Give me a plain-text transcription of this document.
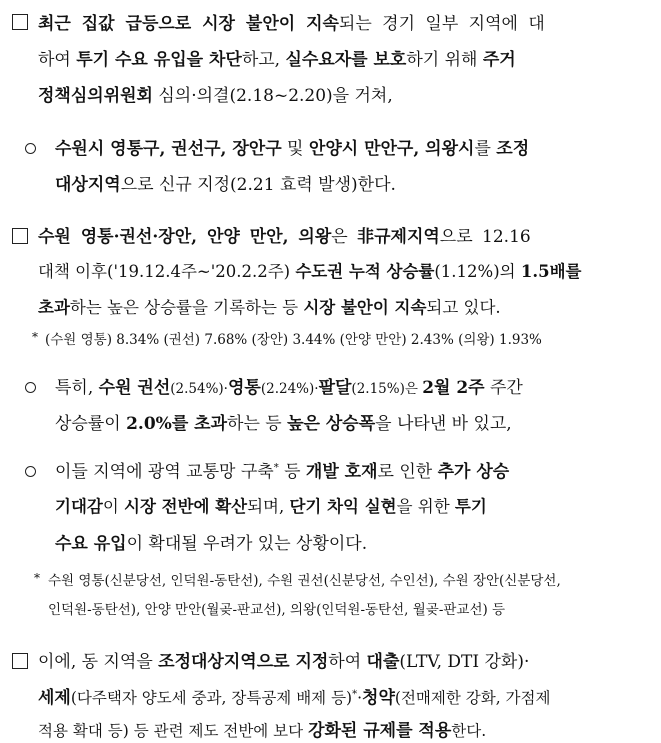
최근 집값 급등으로 시장 불안이 지속되는 경기 일부 지역에 대
하여 투기 수요 유입을 차단하고, 실수요자를 보호하기 위해 주거
정책심의위원회 심의·의결(2.18~2.20)을 거쳐,
수원시 영통구, 권선구, 장안구 및 안양시 만안구, 의왕시를 조정
대상지역으로 신규 지정(2.21 효력 발생)한다.
수원 영통·권선·장안, 안양 만안, 의왕은 非규제지역으로 12.16
대책 이후('19.12.4주~'20.2.2주) 수도권 누적 상승률(1.12%)의 1.5배를
초과하는 높은 상승률을 기록하는 등 시장 불안이 지속되고 있다.
* (수원 영통) 8.34% (권선) 7.68% (장안) 3.44% (안양 만안) 2.43% (의왕) 1.93%
특히, 수원 권선(2.54%)·영통(2.24%)·팔달(2.15%)은 2월 2주 주간
상승률이 2.0%를 초과하는 등 높은 상승폭을 나타낸 바 있고,
이들 지역에 광역 교통망 구축* 등 개발 호재로 인한 추가 상승
기대감이 시장 전반에 확산되며, 단기 차익 실현을 위한 투기
수요 유입이 확대될 우려가 있는 상황이다.
* 수원 영통(신분당선, 인덕원-동탄선), 수원 권선(신분당선, 수인선), 수원 장안(신분당선,
인덕원-동탄선), 안양 만안(월곶-판교선), 의왕(인덕원-동탄선, 월곶-판교선) 등
이에, 동 지역을 조정대상지역으로 지정하여 대출(LTV, DTI 강화)·
세제(다주택자 양도세 중과, 장특공제 배제 등)*·청약(전매제한 강화, 가점제
적용 확대 등) 등 관련 제도 전반에 보다 강화된 규제를 적용한다.
